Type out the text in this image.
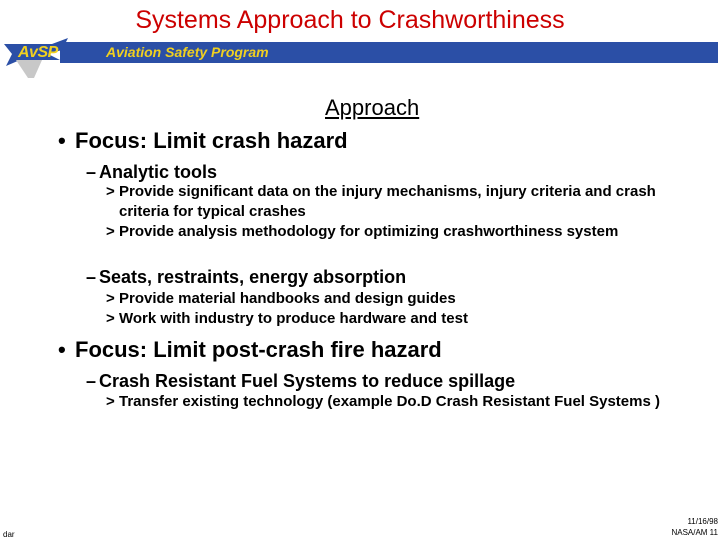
Systems Approach to Crashworthiness
Aviation Safety Program
AvSP
Approach
• Focus: Limit crash hazard
– Analytic tools
> Provide significant data on the injury mechanisms, injury criteria and crash criteria for typical crashes
> Provide analysis methodology for optimizing crashworthiness system
– Seats, restraints, energy absorption
> Provide material handbooks and design guides
> Work with industry to produce hardware and test
• Focus: Limit post-crash fire hazard
– Crash Resistant Fuel Systems to reduce spillage
> Transfer existing technology (example Do.D Crash Resistant Fuel Systems )
dar
11/16/98
NASA/AM 11
